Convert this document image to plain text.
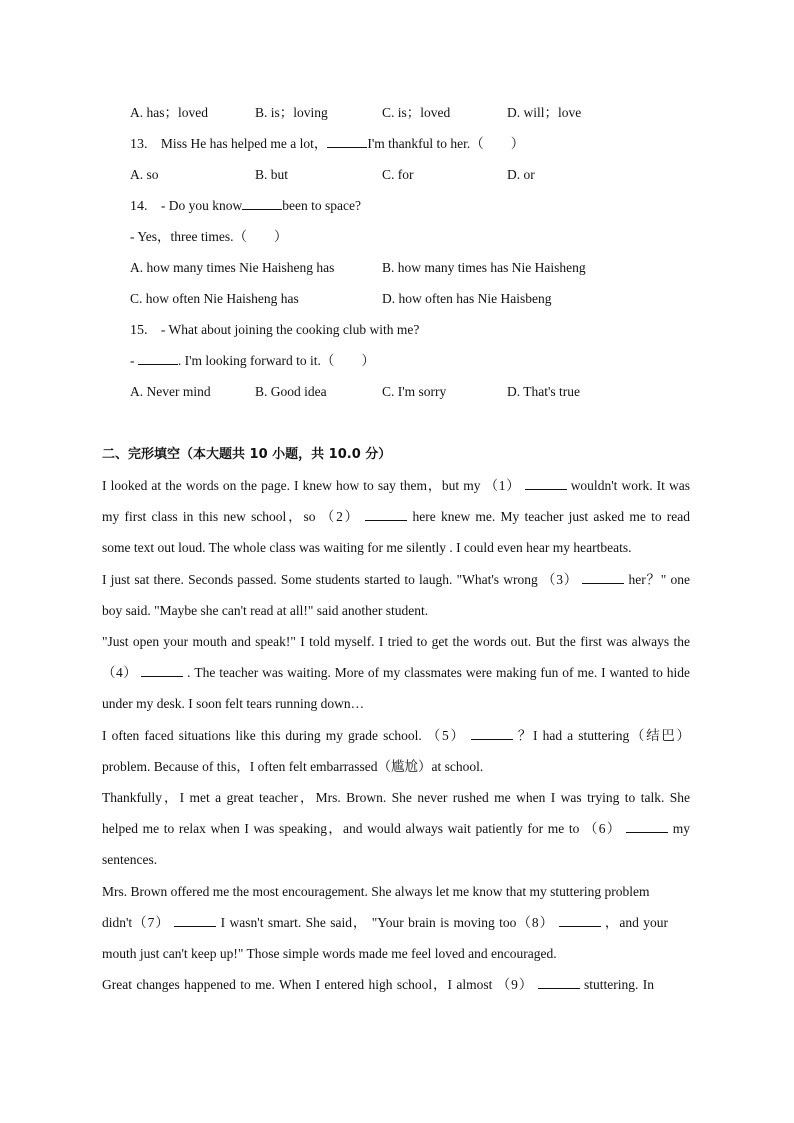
A. has；loved	B. is；loving	C. is；loved	D. will；love
13. Miss He has helped me a lot，	I'm thankful to her.（　　）
A. so	B. but	C. for	D. or
14. - Do you know	been to space?
- Yes，three times.（　　）
A. how many times Nie Haisheng has	B. how many times has Nie Haisheng
C. how often Nie Haisheng has	D. how often has Nie Haisbeng
15. - What about joining the cooking club with me?
-	. I'm looking forward to it.（　　）
A. Never mind	B. Good idea	C. I'm sorry	D. That's true
二、完形填空（本大题共 10 小题，共 10.0 分）
I looked at the words on the page. I knew how to say them，but my （1）	wouldn't work. It was
my first class in this new school，so （2）	here knew me. My teacher just asked me to read
some text out loud. The whole class was waiting for me silently . I could even hear my heartbeats.
I just sat there. Seconds passed. Some students started to laugh. "What's wrong （3）	her？" one
boy said. "Maybe she can't read at all!" said another student.
"Just open your mouth and speak!" I told myself. I tried to get the words out. But the first was always the
（4）	. The teacher was waiting. More of my classmates were making fun of me. I wanted to hide
under my desk. I soon felt tears running down…
I often faced situations like this during my grade school. （5）	？I had a stuttering（结巴）
problem. Because of this，I often felt embarrassed（尴尬）at school.
Thankfully，I met a great teacher，Mrs. Brown. She never rushed me when I was trying to talk. She
helped me to relax when I was speaking，and would always wait patiently for me to （6）	my
sentences.
Mrs. Brown offered me the most encouragement. She always let me know that my stuttering problem
didn't（7）	I wasn't smart. She said， "Your brain is moving too（8）	，and your
mouth just can't keep up!" Those simple words made me feel loved and encouraged.
Great changes happened to me. When I entered high school，I almost （9）	stuttering. In
